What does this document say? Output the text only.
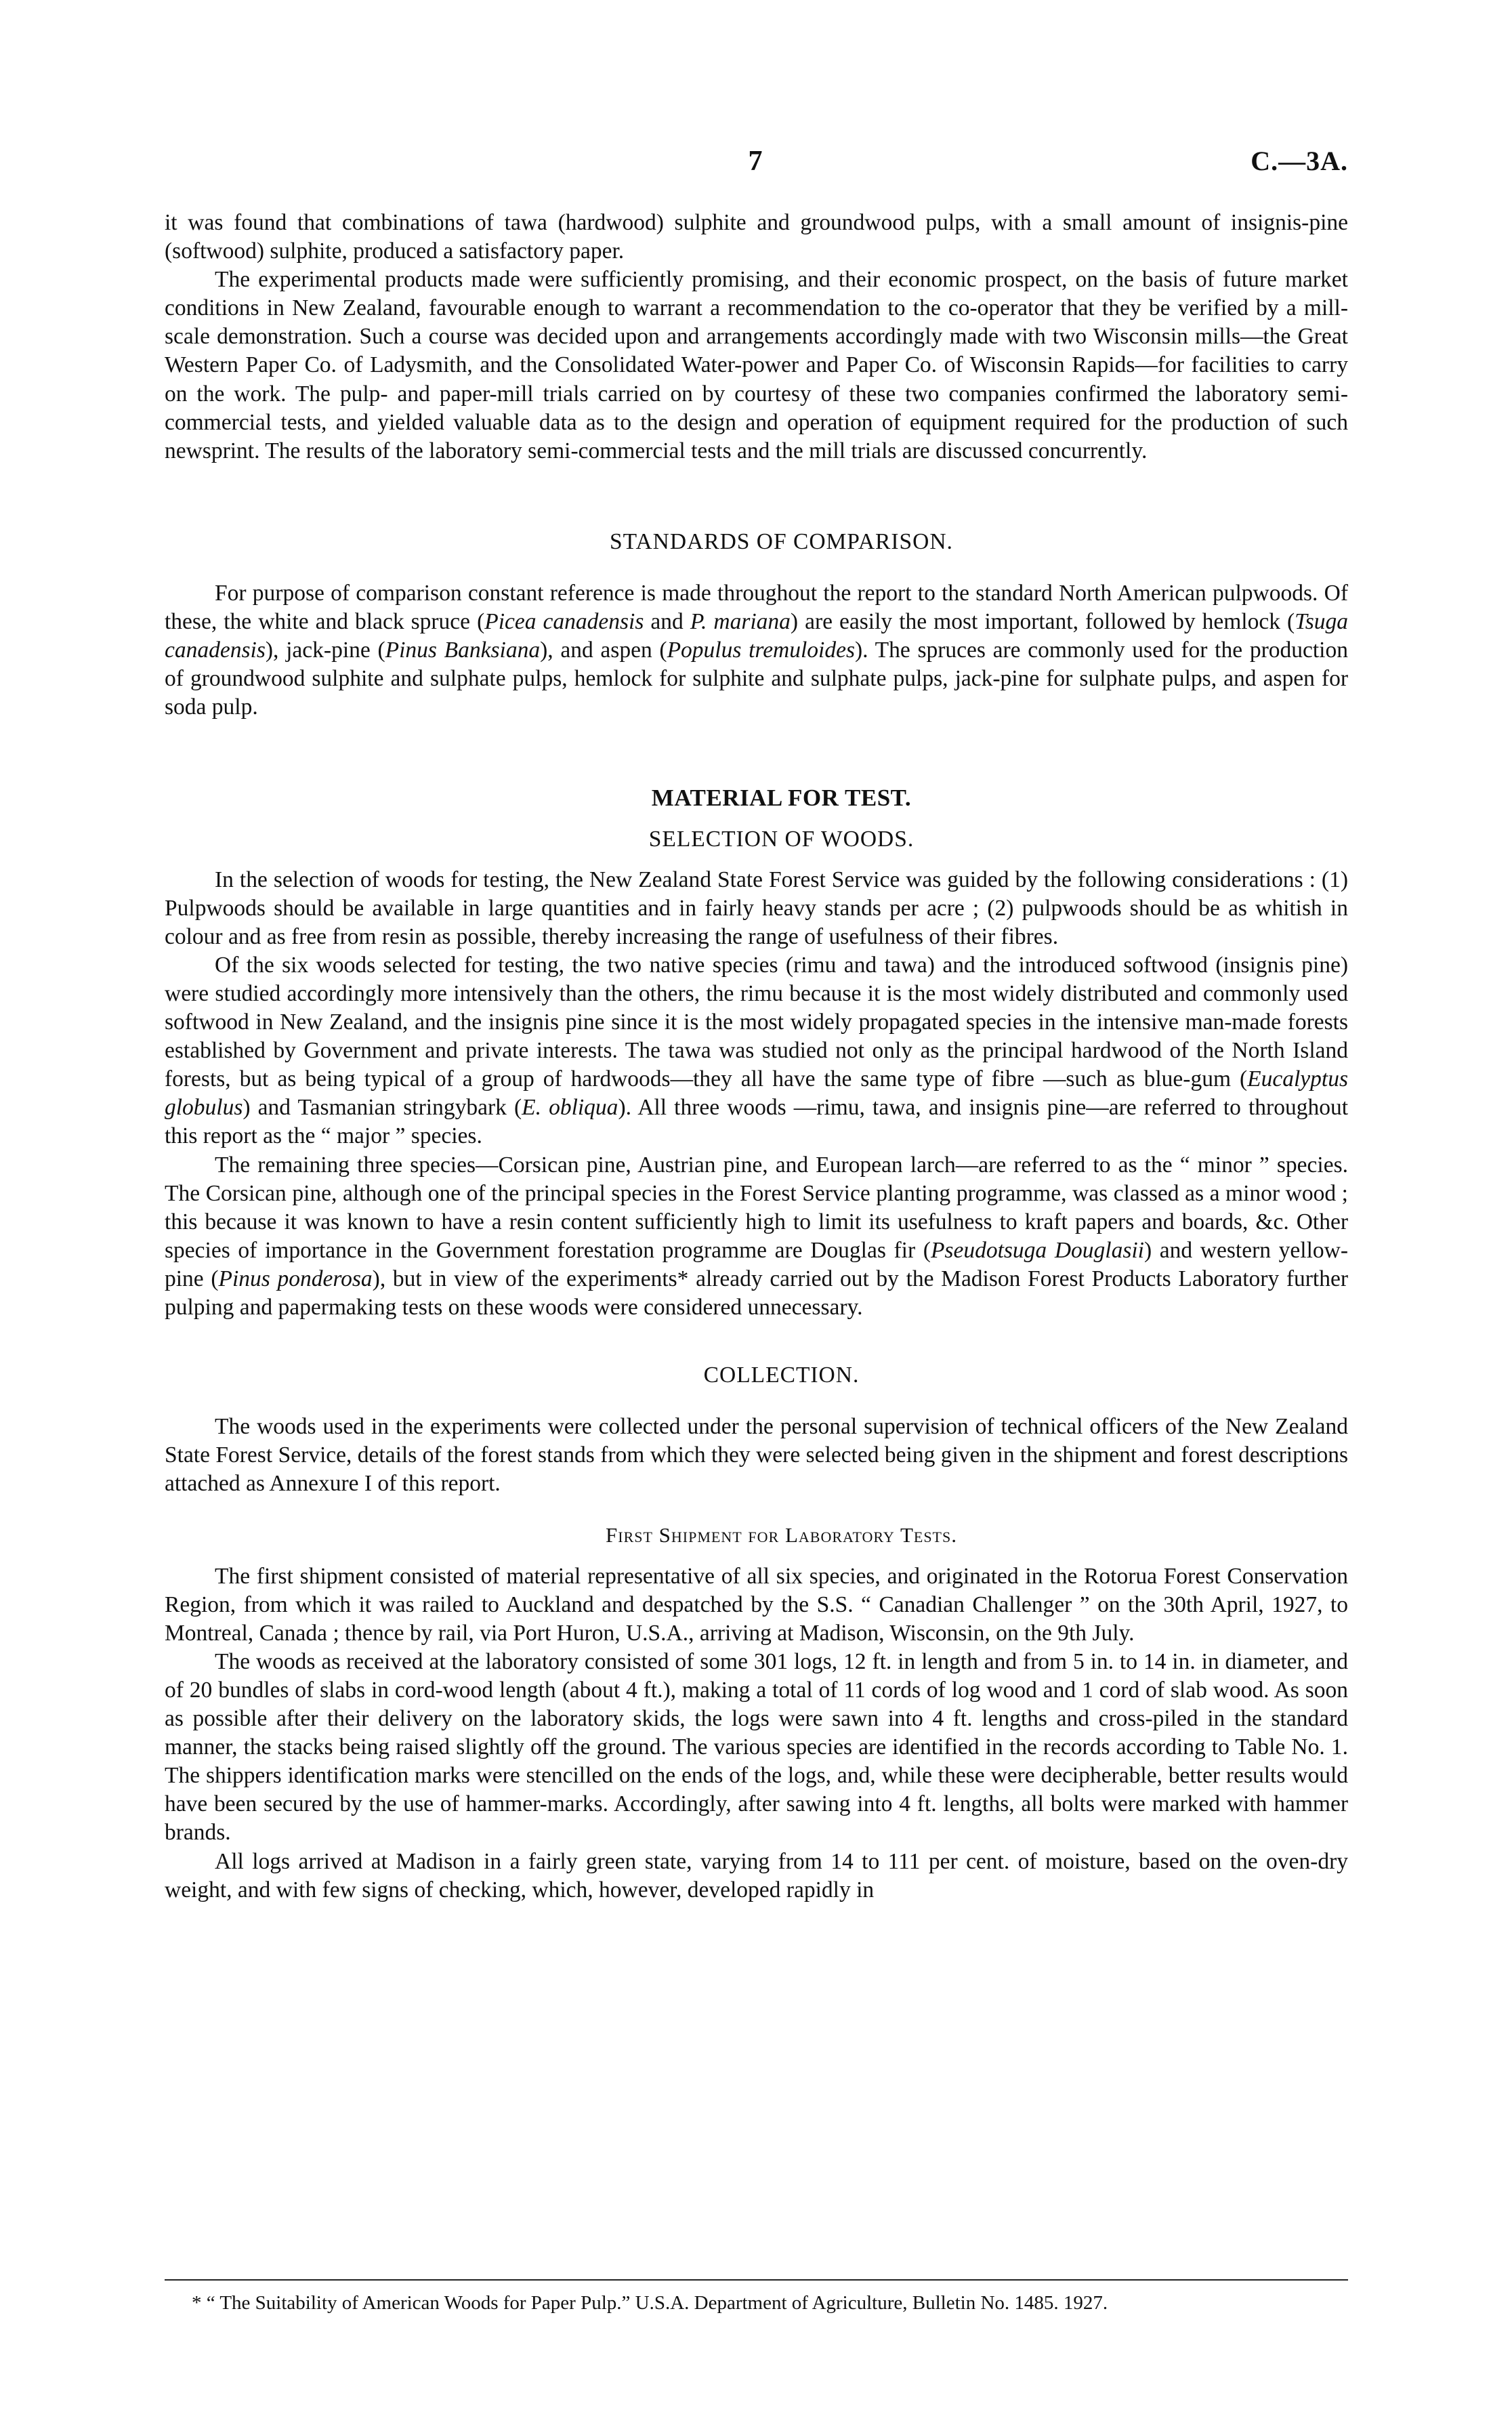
7	C.—3A.

it was found that combinations of tawa (hardwood) sulphite and groundwood pulps, with a small amount of insignis-pine (softwood) sulphite, produced a satisfactory paper.

The experimental products made were sufficiently promising, and their economic prospect, on the basis of future market conditions in New Zealand, favourable enough to warrant a recommendation to the co-operator that they be verified by a mill-scale demonstration. Such a course was decided upon and arrangements accordingly made with two Wisconsin mills—the Great Western Paper Co. of Ladysmith, and the Consolidated Water-power and Paper Co. of Wisconsin Rapids—for facilities to carry on the work. The pulp- and paper-mill trials carried on by courtesy of these two companies confirmed the laboratory semi-commercial tests, and yielded valuable data as to the design and operation of equipment required for the production of such newsprint. The results of the laboratory semi-commercial tests and the mill trials are discussed concurrently.

STANDARDS OF COMPARISON.

For purpose of comparison constant reference is made throughout the report to the standard North American pulpwoods. Of these, the white and black spruce (Picea canadensis and P. mariana) are easily the most important, followed by hemlock (Tsuga canadensis), jack-pine (Pinus Banksiana), and aspen (Populus tremuloides). The spruces are commonly used for the production of groundwood sulphite and sulphate pulps, hemlock for sulphite and sulphate pulps, jack-pine for sulphate pulps, and aspen for soda pulp.

MATERIAL FOR TEST.

SELECTION OF WOODS.

In the selection of woods for testing, the New Zealand State Forest Service was guided by the following considerations : (1) Pulpwoods should be available in large quantities and in fairly heavy stands per acre ; (2) pulpwoods should be as whitish in colour and as free from resin as possible, thereby increasing the range of usefulness of their fibres.

Of the six woods selected for testing, the two native species (rimu and tawa) and the introduced softwood (insignis pine) were studied accordingly more intensively than the others, the rimu because it is the most widely distributed and commonly used softwood in New Zealand, and the insignis pine since it is the most widely propagated species in the intensive man-made forests established by Government and private interests. The tawa was studied not only as the principal hardwood of the North Island forests, but as being typical of a group of hardwoods—they all have the same type of fibre —such as blue-gum (Eucalyptus globulus) and Tasmanian stringybark (E. obliqua). All three woods —rimu, tawa, and insignis pine—are referred to throughout this report as the “ major ” species.

The remaining three species—Corsican pine, Austrian pine, and European larch—are referred to as the “ minor ” species. The Corsican pine, although one of the principal species in the Forest Service planting programme, was classed as a minor wood ; this because it was known to have a resin content sufficiently high to limit its usefulness to kraft papers and boards, &c. Other species of importance in the Government forestation programme are Douglas fir (Pseudotsuga Douglasii) and western yellow-pine (Pinus ponderosa), but in view of the experiments* already carried out by the Madison Forest Products Laboratory further pulping and papermaking tests on these woods were considered unnecessary.

COLLECTION.

The woods used in the experiments were collected under the personal supervision of technical officers of the New Zealand State Forest Service, details of the forest stands from which they were selected being given in the shipment and forest descriptions attached as Annexure I of this report.

First Shipment for Laboratory Tests.

The first shipment consisted of material representative of all six species, and originated in the Rotorua Forest Conservation Region, from which it was railed to Auckland and despatched by the S.S. “ Canadian Challenger ” on the 30th April, 1927, to Montreal, Canada ; thence by rail, via Port Huron, U.S.A., arriving at Madison, Wisconsin, on the 9th July.

The woods as received at the laboratory consisted of some 301 logs, 12 ft. in length and from 5 in. to 14 in. in diameter, and of 20 bundles of slabs in cord-wood length (about 4 ft.), making a total of 11 cords of log wood and 1 cord of slab wood. As soon as possible after their delivery on the laboratory skids, the logs were sawn into 4 ft. lengths and cross-piled in the standard manner, the stacks being raised slightly off the ground. The various species are identified in the records according to Table No. 1. The shippers identification marks were stencilled on the ends of the logs, and, while these were decipherable, better results would have been secured by the use of hammer-marks. Accordingly, after sawing into 4 ft. lengths, all bolts were marked with hammer brands.

All logs arrived at Madison in a fairly green state, varying from 14 to 111 per cent. of moisture, based on the oven-dry weight, and with few signs of checking, which, however, developed rapidly in

* “ The Suitability of American Woods for Paper Pulp.” U.S.A. Department of Agriculture, Bulletin No. 1485. 1927.
